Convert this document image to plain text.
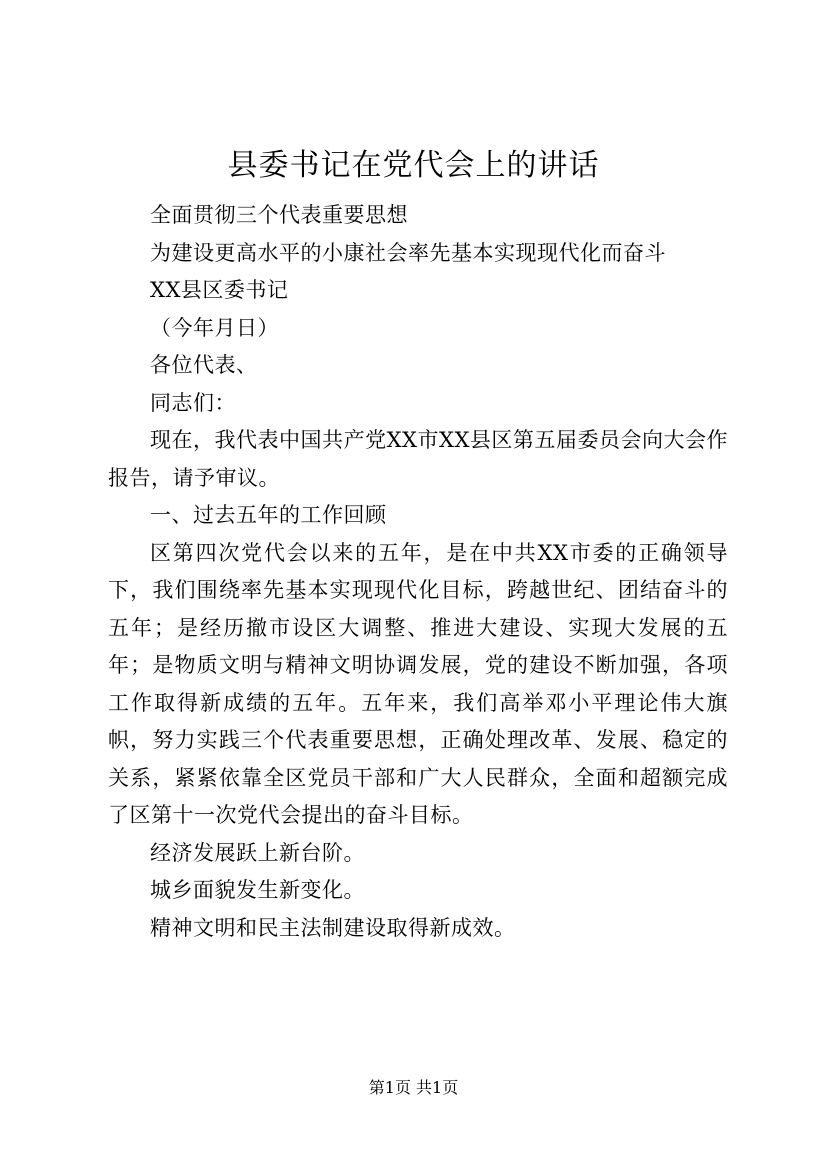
县委书记在党代会上的讲话

全面贯彻三个代表重要思想

为建设更高水平的小康社会率先基本实现现代化而奋斗

XX县区委书记

（今年月日）

各位代表、

同志们：

现在，我代表中国共产党XX市XX县区第五届委员会向大会作报告，请予审议。

一、过去五年的工作回顾

区第四次党代会以来的五年，是在中共XX市委的正确领导下，我们围绕率先基本实现现代化目标，跨越世纪、团结奋斗的五年；是经历撤市设区大调整、推进大建设、实现大发展的五年；是物质文明与精神文明协调发展，党的建设不断加强，各项工作取得新成绩的五年。五年来，我们高举邓小平理论伟大旗帜，努力实践三个代表重要思想，正确处理改革、发展、稳定的关系，紧紧依靠全区党员干部和广大人民群众，全面和超额完成了区第十一次党代会提出的奋斗目标。

经济发展跃上新台阶。

城乡面貌发生新变化。

精神文明和民主法制建设取得新成效。

第1页 共1页
